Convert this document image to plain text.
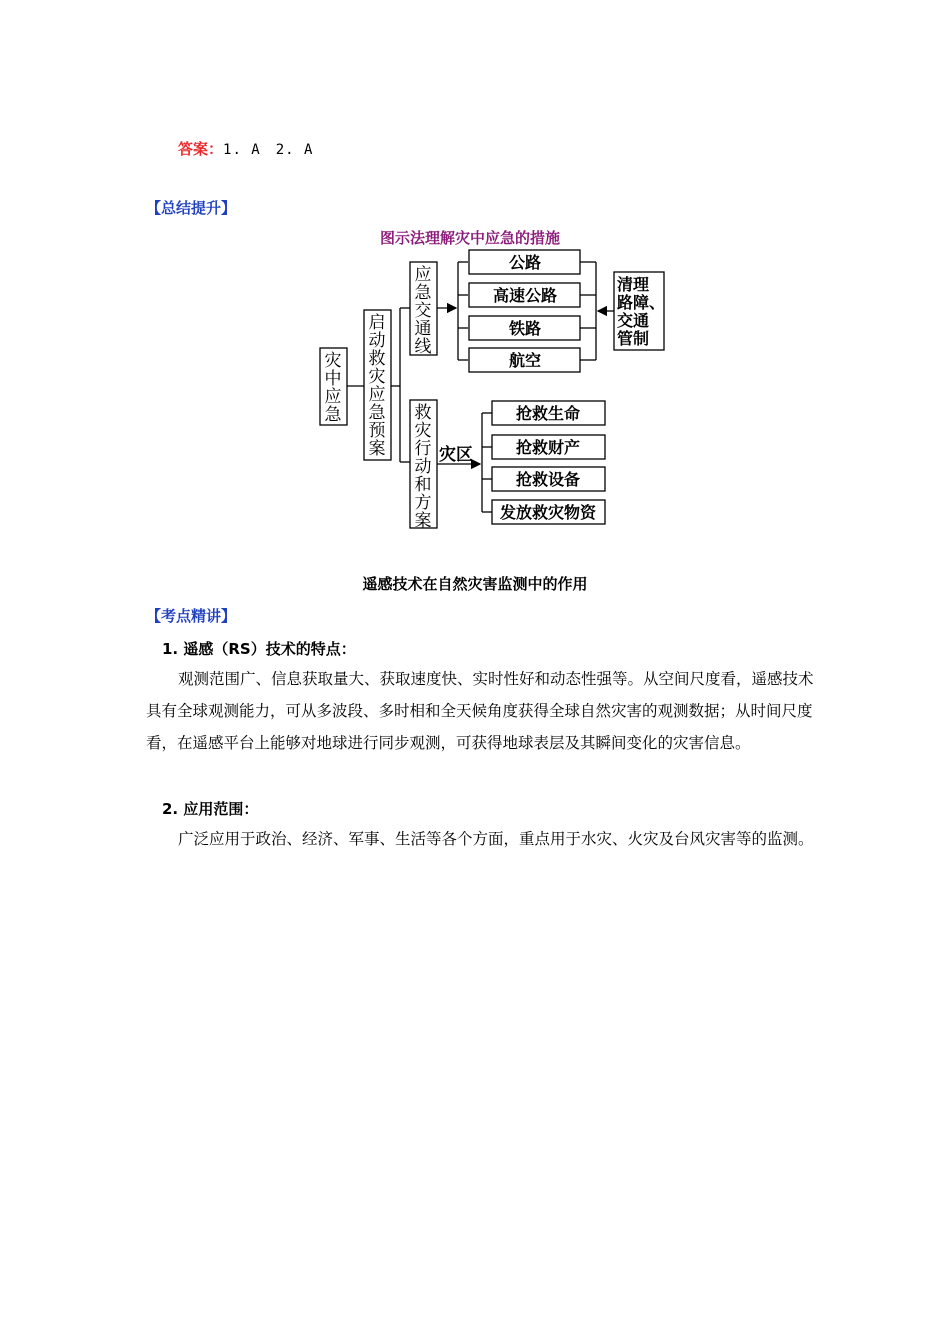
答案：1. A　2. A
【总结提升】
图示法理解灾中应急的措施
灾
中
应
急
启
动
救
灾
应
急
预
案
应
急
交
通
线
公路
高速公路
铁路
航空
清理
路障、
交通
管制
救
灾
行
动
和
方
案
灾区
抢救生命
抢救财产
抢救设备
发放救灾物资
遥感技术在自然灾害监测中的作用
【考点精讲】
1. 遥感（RS）技术的特点：
观测范围广、信息获取量大、获取速度快、实时性好和动态性强等。从空间尺度看，遥感技术具有全球观测能力，可从多波段、多时相和全天候角度获得全球自然灾害的观测数据；从时间尺度看，在遥感平台上能够对地球进行同步观测，可获得地球表层及其瞬间变化的灾害信息。
2. 应用范围：
广泛应用于政治、经济、军事、生活等各个方面，重点用于水灾、火灾及台风灾害等的监测。
